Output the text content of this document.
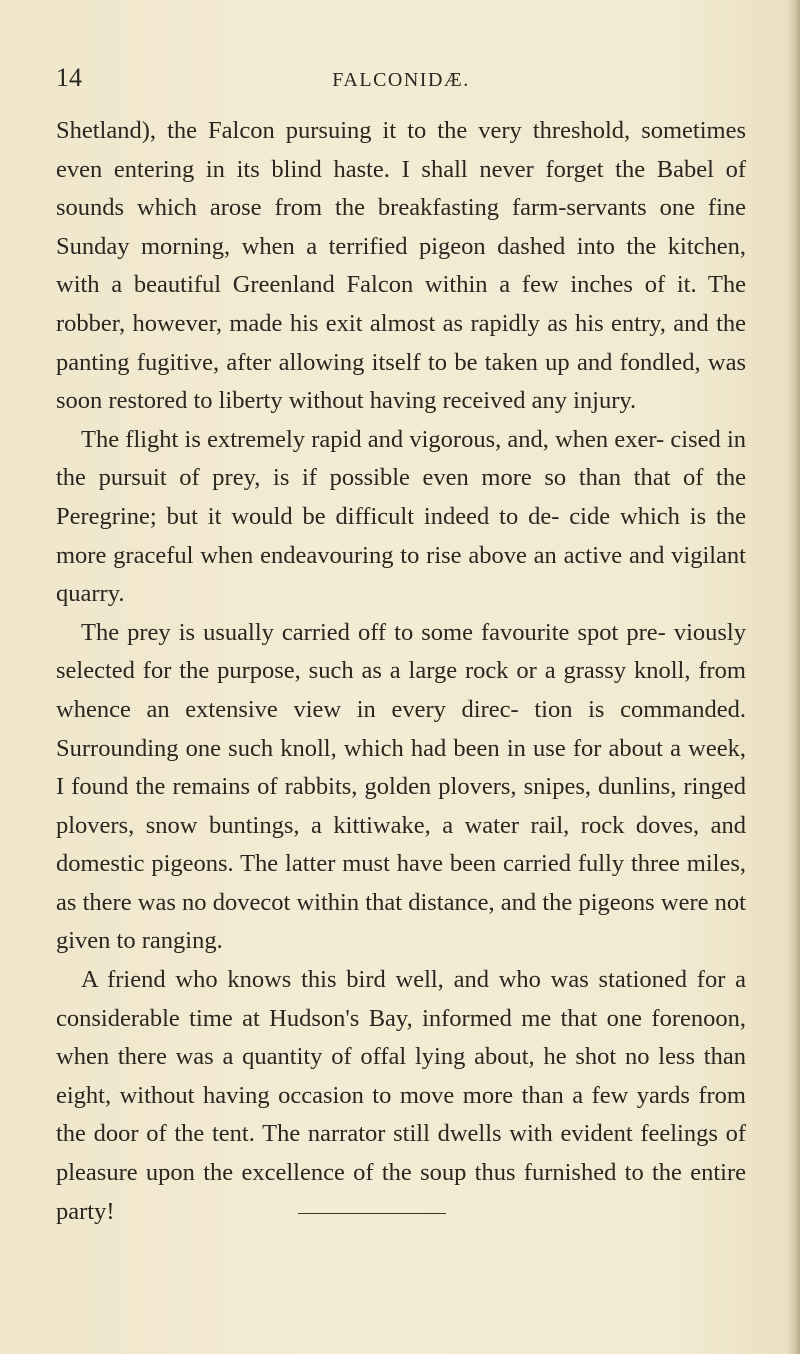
14	FALCONIDÆ.

Shetland), the Falcon pursuing it to the very threshold, sometimes even entering in its blind haste. I shall never forget the Babel of sounds which arose from the breakfasting farm-servants one fine Sunday morning, when a terrified pigeon dashed into the kitchen, with a beautiful Greenland Falcon within a few inches of it. The robber, however, made his exit almost as rapidly as his entry, and the panting fugitive, after allowing itself to be taken up and fondled, was soon restored to liberty without having received any injury.

The flight is extremely rapid and vigorous, and, when exer- cised in the pursuit of prey, is if possible even more so than that of the Peregrine; but it would be difficult indeed to de- cide which is the more graceful when endeavouring to rise above an active and vigilant quarry.

The prey is usually carried off to some favourite spot pre- viously selected for the purpose, such as a large rock or a grassy knoll, from whence an extensive view in every direc- tion is commanded. Surrounding one such knoll, which had been in use for about a week, I found the remains of rabbits, golden plovers, snipes, dunlins, ringed plovers, snow buntings, a kittiwake, a water rail, rock doves, and domestic pigeons. The latter must have been carried fully three miles, as there was no dovecot within that distance, and the pigeons were not given to ranging.

A friend who knows this bird well, and who was stationed for a considerable time at Hudson's Bay, informed me that one forenoon, when there was a quantity of offal lying about, he shot no less than eight, without having occasion to move more than a few yards from the door of the tent. The narrator still dwells with evident feelings of pleasure upon the excellence of the soup thus furnished to the entire party!
